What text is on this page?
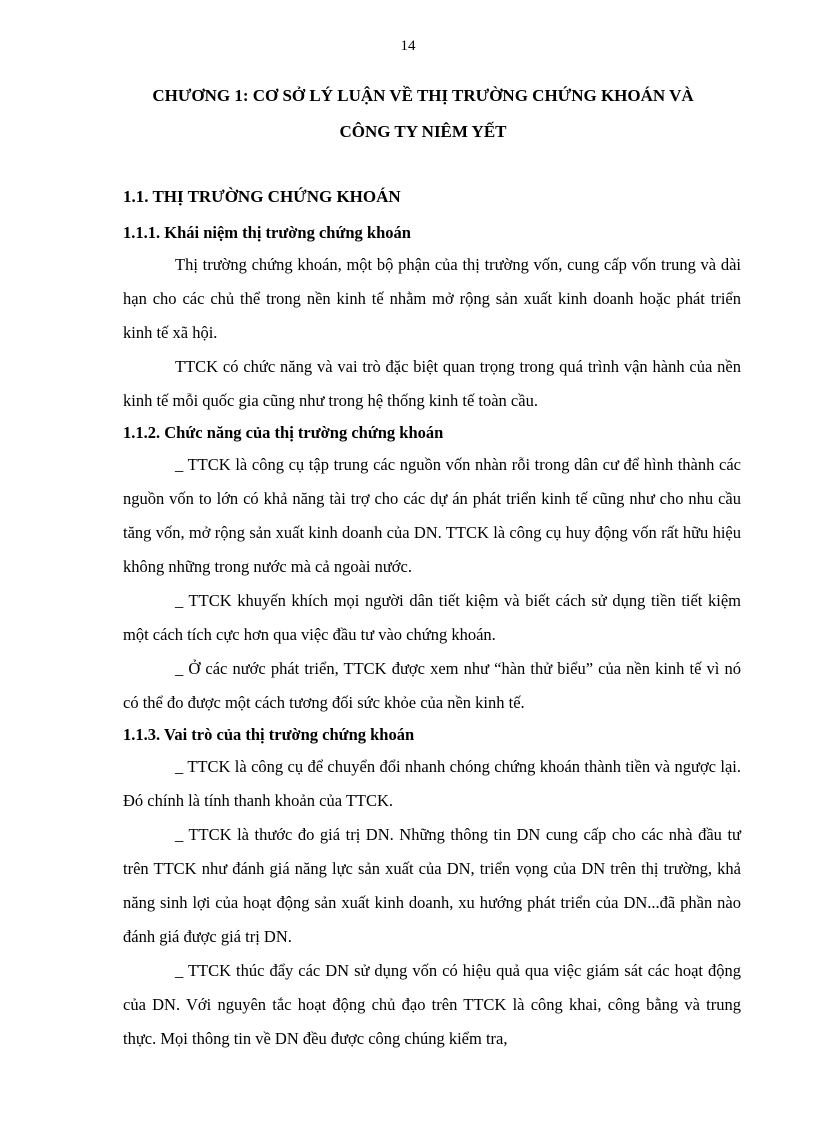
14
CHƯƠNG 1: CƠ SỞ LÝ LUẬN VỀ THỊ TRƯỜNG CHỨNG KHOÁN VÀ
CÔNG TY NIÊM YẾT
1.1. THỊ TRƯỜNG CHỨNG KHOÁN
1.1.1. Khái niệm thị trường chứng khoán

Thị trường chứng khoán, một bộ phận của thị trường vốn, cung cấp vốn trung và dài hạn cho các chủ thể trong nền kinh tế nhằm mở rộng sản xuất kinh doanh hoặc phát triển kinh tế xã hội.

TTCK có chức năng và vai trò đặc biệt quan trọng trong quá trình vận hành của nền kinh tế mỗi quốc gia cũng như trong hệ thống kinh tế toàn cầu.

1.1.2. Chức năng của thị trường chứng khoán

_ TTCK là công cụ tập trung các nguồn vốn nhàn rỗi trong dân cư để hình thành các nguồn vốn to lớn có khả năng tài trợ cho các dự án phát triển kinh tế cũng như cho nhu cầu tăng vốn, mở rộng sản xuất kinh doanh của DN. TTCK là công cụ huy động vốn rất hữu hiệu không những trong nước mà cả ngoài nước.

_ TTCK khuyến khích mọi người dân tiết kiệm và biết cách sử dụng tiền tiết kiệm một cách tích cực hơn qua việc đầu tư vào chứng khoán.

_ Ở các nước phát triển, TTCK được xem như “hàn thử biểu” của nền kinh tế vì nó có thể đo được một cách tương đối sức khỏe của nền kinh tế.

1.1.3. Vai trò của thị trường chứng khoán

_ TTCK là công cụ để chuyển đổi nhanh chóng chứng khoán thành tiền và ngược lại. Đó chính là tính thanh khoản của TTCK.

_ TTCK là thước đo giá trị DN. Những thông tin DN cung cấp cho các nhà đầu tư trên TTCK như đánh giá năng lực sản xuất của DN, triển vọng của DN trên thị trường, khả năng sinh lợi của hoạt động sản xuất kinh doanh, xu hướng phát triển của DN...đã phần nào đánh giá được giá trị DN.

_ TTCK thúc đẩy các DN sử dụng vốn có hiệu quả qua việc giám sát các hoạt động của DN. Với nguyên tắc hoạt động chủ đạo trên TTCK là công khai, công bằng và trung thực. Mọi thông tin về DN đều được công chúng kiểm tra,
